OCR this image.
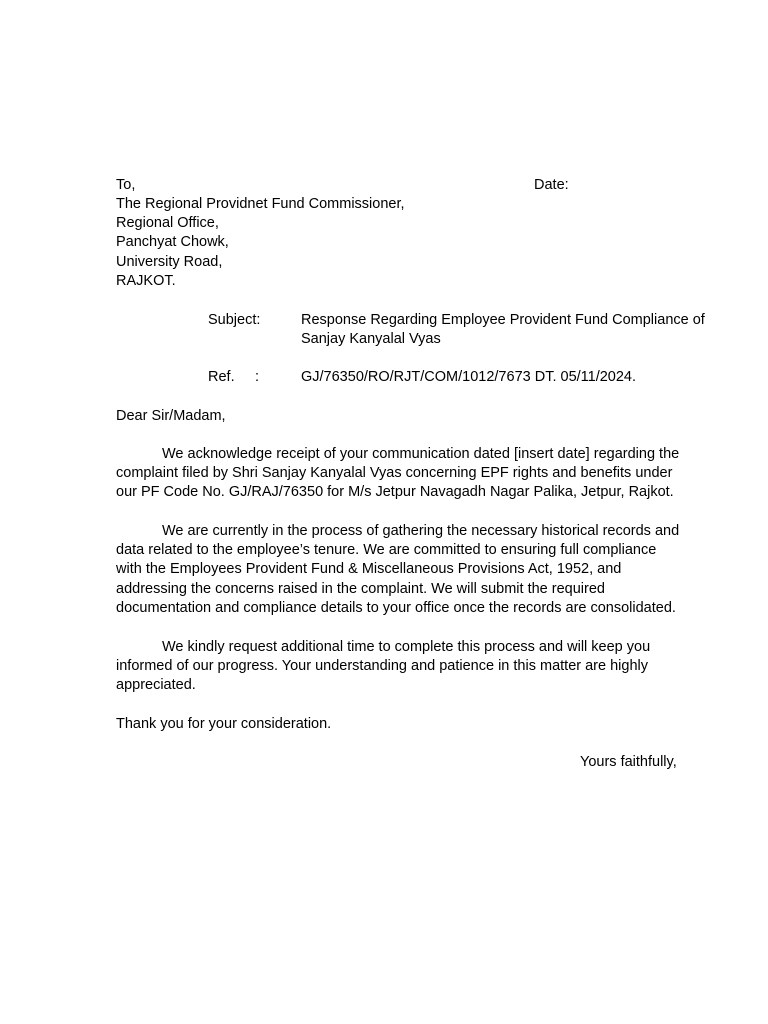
To,	Date:
The Regional Providnet Fund Commissioner,
Regional Office,
Panchyat Chowk,
University Road,
RAJKOT.
Subject:	Response Regarding Employee Provident Fund Compliance of
Sanjay Kanyalal Vyas
Ref. :	GJ/76350/RO/RJT/COM/1012/7673 DT. 05/11/2024.
Dear Sir/Madam,
We acknowledge receipt of your communication dated [insert date] regarding the
complaint filed by Shri Sanjay Kanyalal Vyas concerning EPF rights and benefits under
our PF Code No. GJ/RAJ/76350 for M/s Jetpur Navagadh Nagar Palika, Jetpur, Rajkot.
We are currently in the process of gathering the necessary historical records and
data related to the employee’s tenure. We are committed to ensuring full compliance
with the Employees Provident Fund & Miscellaneous Provisions Act, 1952, and
addressing the concerns raised in the complaint. We will submit the required
documentation and compliance details to your office once the records are consolidated.
We kindly request additional time to complete this process and will keep you
informed of our progress. Your understanding and patience in this matter are highly
appreciated.
Thank you for your consideration.
Yours faithfully,
